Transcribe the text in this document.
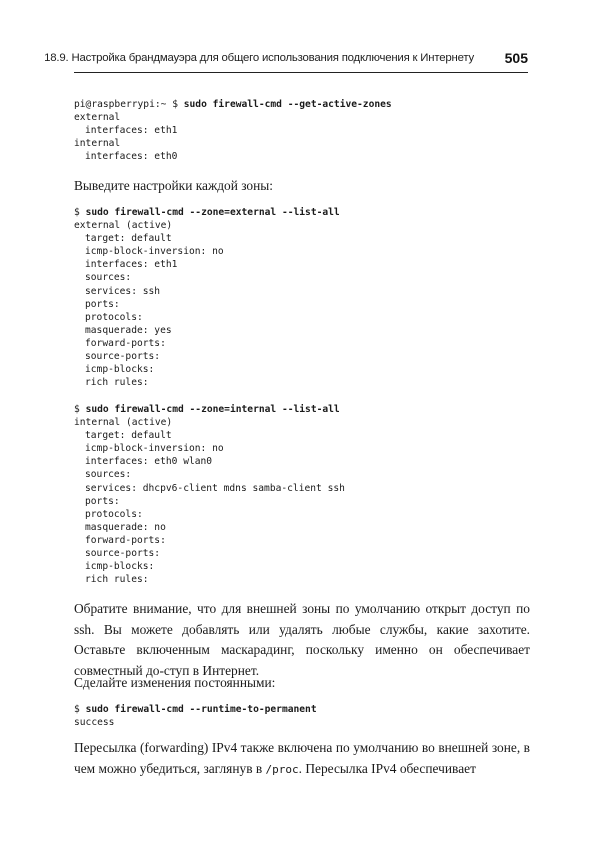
18.9. Настройка брандмауэра для общего использования подключения к Интернету 505
pi@raspberrypi:~ $ sudo firewall-cmd --get-active-zones
external
interfaces: eth1
internal
interfaces: eth0

Выведите настройки каждой зоны:

$ sudo firewall-cmd --zone=external --list-all
external (active)
target: default
icmp-block-inversion: no
interfaces: eth1
sources:
services: ssh
ports:
protocols:
masquerade: yes
forward-ports:
source-ports:
icmp-blocks:
rich rules:
$ sudo firewall-cmd --zone=internal --list-all
internal (active)
target: default
icmp-block-inversion: no
interfaces: eth0 wlan0
sources:
services: dhcpv6-client mdns samba-client ssh
ports:
protocols:
masquerade: no
forward-ports:
source-ports:
icmp-blocks:
rich rules:

Обратите внимание, что для внешней зоны по умолчанию открыт доступ по ssh. Вы можете добавлять или удалять любые службы, какие захотите. Оставьте включенным маскарадинг, поскольку именно он обеспечивает совместный до-ступ в Интернет.

Сделайте изменения постоянными:

$ sudo firewall-cmd --runtime-to-permanent
success

Пересылка (forwarding) IPv4 также включена по умолчанию во внешней зоне, в чем можно убедиться, заглянув в /proc. Пересылка IPv4 обеспечивает
